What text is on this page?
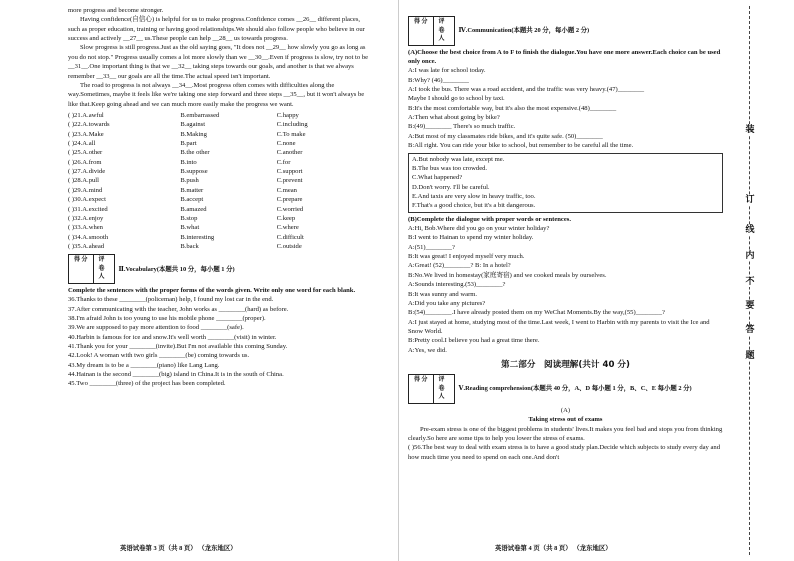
more progress and become stronger.

Having confidence(自信心) is helpful for us to make progress.Confidence comes __26__ different places, such as proper education, training or having good relationships.We should also follow people who believe in our success and actively __27__ us.These people can help __28__ us towards progress.

Slow progress is still progress.Just as the old saying goes, "It does not __29__ how slowly you go as long as you do not stop." Progress usually comes a lot more slowly than we __30__.Even if progress is slow, try not to be __31__.One important thing is that we __32__ taking steps towards our goals, and another is that we always remember __33__ our goals are all the time.The actual speed isn't important.

The road to progress is not always __34__.Most progress often comes with difficulties along the way.Sometimes, maybe it feels like we're taking one step forward and three steps __35__, but it won't always be like that.Keep going ahead and we can much more easily make the progress we want.

( )21.A.awful	B.embarrassed	C.happy
( )22.A.towards	B.against	C.including
( )23.A.Make	B.Making	C.To make
( )24.A.all	B.part	C.none
( )25.A.other	B.the other	C.another
( )26.A.from	B.into	C.for
( )27.A.divide	B.suppose	C.support
( )28.A.pull	B.push	C.prevent
( )29.A.mind	B.matter	C.mean
( )30.A.expect	B.accept	C.prepare
( )31.A.excited	B.amazed	C.worried
( )32.A.enjoy	B.stop	C.keep
( )33.A.when	B.what	C.where
( )34.A.smooth	B.interesting	C.difficult
( )35.A.ahead	B.back	C.outside
得 分	评卷人
Ⅱ.Vocabulary(本题共 10 分，每小题 1 分)

Complete the sentences with the proper forms of the words given. Write only one word for each blank.

36.Thanks to these ________(policeman) help, I found my lost car in the end.

37.After communicating with the teacher, John works as ________(hard) as before.

38.I'm afraid John is too young to use his mobile phone ________(proper).

39.We are supposed to pay more attention to food ________(safe).

40.Harbin is famous for ice and snow.It's well worth ________(visit) in winter.

41.Thank you for your ________(invite).But I'm not available this coming Sunday.

42.Look! A woman with two girls ________(be) coming towards us.

43.My dream is to be a ________(piano) like Lang Lang.

44.Hainan is the second ________(big) island in China.It is in the south of China.

45.Two ________(three) of the project has been completed.

英语试卷第 3 页（共 8 页） （龙东地区）
得 分	评卷人
Ⅳ.Communication(本题共 20 分，每小题 2 分)

(A)Choose the best choice from A to F to finish the dialogue.You have one more answer.Each choice can be used only once.

A:I was late for school today.

B:Why? (46)________

A:I took the bus. There was a road accident, and the traffic was very heavy.(47)________

Maybe I should go to school by taxi.

B:It's the most comfortable way, but it's also the most expensive.(48)________

A:Then what about going by bike?

B:(49)________ There's so much traffic.

A:But most of my classmates ride bikes, and it's quite safe. (50)________

B:All right. You can ride your bike to school, but remember to be careful all the time.

A.But nobody was late, except me.

B.The bus was too crowded.

C.What happened?

D.Don't worry. I'll be careful.

E.And taxis are very slow in heavy traffic, too.

F.That's a good choice, but it's a bit dangerous.

(B)Complete the dialogue with proper words or sentences.

A:Hi, Bob.Where did you go on your winter holiday?

B:I went to Hainan to spend my winter holiday.

A:(51)________?

B:It was great! I enjoyed myself very much.

A:Great! (52)________? B: In a hotel?

B:No.We lived in homestay(家庭寄宿) and we cooked meals by ourselves.

A:Sounds interesting.(53)________?

B:It was sunny and warm.

A:Did you take any pictures?

B:(54)________.I have already posted them on my WeChat Moments.By the way,(55)________?

A:I just stayed at home, studying most of the time.Last week, I went to Harbin with my parents to visit the Ice and Snow World.

B:Pretty cool.I believe you had a great time there.

A:Yes, we did.

第二部分　阅读理解(共计 40 分)
得 分	评卷人
Ⅴ.Reading comprehension(本题共 40 分，A、D 每小题 1 分，B、C、E 每小题 2 分)

(A)

Taking stress out of exams

Pre-exam stress is one of the biggest problems in students' lives.It makes you feel bad and stops you from thinking clearly.So here are some tips to help you lower the stress of exams.

( )56.The best way to deal with exam stress is to have a good study plan.Decide which subjects to study every day and how much time you need to spend on each one.And don't

英语试卷第 4 页（共 8 页） （龙东地区）
装
订
线
内
不
要
答
题
